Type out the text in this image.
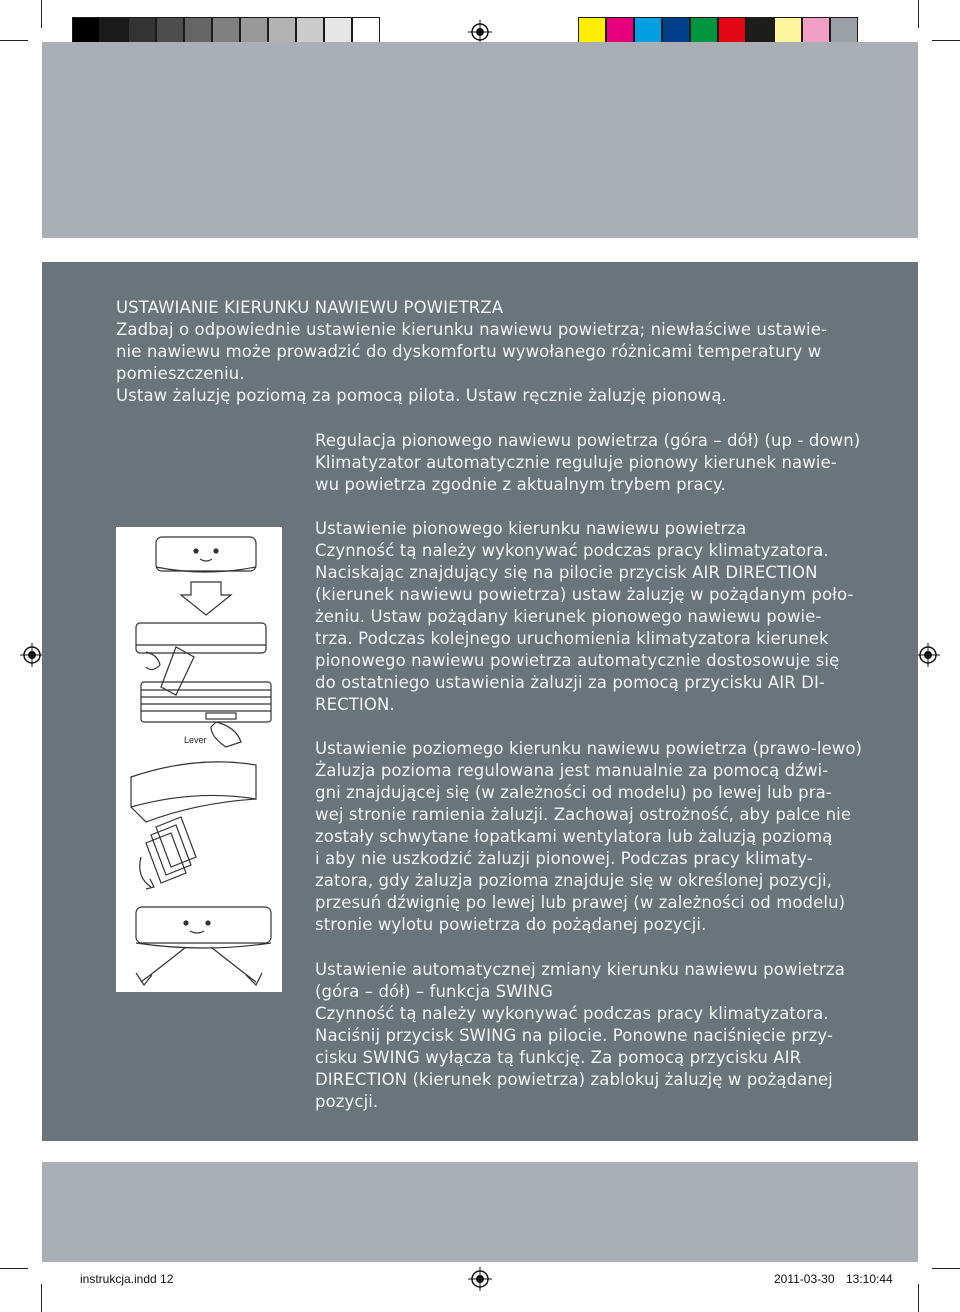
USTAWIANIE KIERUNKU NAWIEWU POWIETRZA
Zadbaj o odpowiednie ustawienie kierunku nawiewu powietrza; niewłaściwe ustawie-
nie nawiewu może prowadzić do dyskomfortu wywołanego różnicami temperatury w
pomieszczeniu.
Ustaw żaluzję poziomą za pomocą pilota. Ustaw ręcznie żaluzję pionową.
Regulacja pionowego nawiewu powietrza (góra – dół) (up - down)
Klimatyzator automatycznie reguluje pionowy kierunek nawie-
wu powietrza zgodnie z aktualnym trybem pracy.
Ustawienie pionowego kierunku nawiewu powietrza
Czynność tą należy wykonywać podczas pracy klimatyzatora.
Naciskając znajdujący się na pilocie przycisk AIR DIRECTION
(kierunek nawiewu powietrza) ustaw żaluzję w pożądanym poło-
żeniu. Ustaw pożądany kierunek pionowego nawiewu powie-
trza. Podczas kolejnego uruchomienia klimatyzatora kierunek
pionowego nawiewu powietrza automatycznie dostosowuje się
do ostatniego ustawienia żaluzji za pomocą przycisku AIR DI-
RECTION.
Ustawienie poziomego kierunku nawiewu powietrza (prawo-lewo)
Żaluzja pozioma regulowana jest manualnie za pomocą dźwi-
gni znajdującej się (w zależności od modelu) po lewej lub pra-
wej stronie ramienia żaluzji. Zachowaj ostrożność, aby palce nie
zostały schwytane łopatkami wentylatora lub żaluzją poziomą
i aby nie uszkodzić żaluzji pionowej. Podczas pracy klimaty-
zatora, gdy żaluzja pozioma znajduje się w określonej pozycji,
przesuń dźwignię po lewej lub prawej (w zależności od modelu)
stronie wylotu powietrza do pożądanej pozycji.
Ustawienie automatycznej zmiany kierunku nawiewu powietrza
(góra – dół) – funkcja SWING
Czynność tą należy wykonywać podczas pracy klimatyzatora.
Naciśnij przycisk SWING na pilocie. Ponowne naciśnięcie przy-
cisku SWING wyłącza tą funkcję. Za pomocą przycisku AIR
DIRECTION (kierunek powietrza) zablokuj żaluzję w pożądanej
pozycji.
Lever
instrukcja.indd 12	2011-03-30 13:10:44
